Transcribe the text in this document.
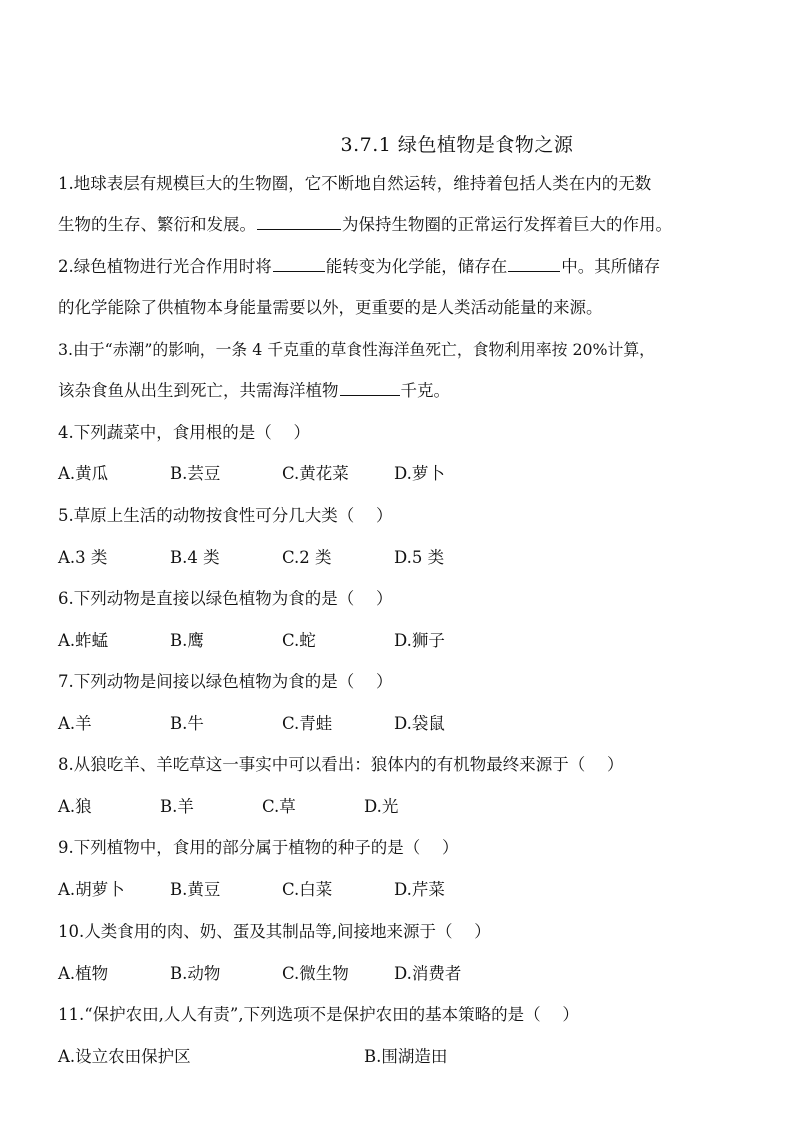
3.7.1 绿色植物是食物之源
1.地球表层有规模巨大的生物圈，它不断地自然运转，维持着包括人类在内的无数
生物的生存、繁衍和发展。	为保持生物圈的正常运行发挥着巨大的作用。
2.绿色植物进行光合作用时将	能转变为化学能，储存在	中。其所储存
的化学能除了供植物本身能量需要以外，更重要的是人类活动能量的来源。
3.由于“赤潮”的影响，一条 4 千克重的草食性海洋鱼死亡，食物利用率按 20%计算，
该杂食鱼从出生到死亡，共需海洋植物	千克。
4.下列蔬菜中，食用根的是（　 ）
A.黄瓜	B.芸豆	C.黄花菜	D.萝卜
5.草原上生活的动物按食性可分几大类（　 ）
A.3 类	B.4 类	C.2 类	D.5 类
6.下列动物是直接以绿色植物为食的是（　 ）
A.蚱蜢	B.鹰	C.蛇	D.狮子
7.下列动物是间接以绿色植物为食的是（　 ）
A.羊	B.牛	C.青蛙	D.袋鼠
8.从狼吃羊、羊吃草这一事实中可以看出：狼体内的有机物最终来源于（　 ）
A.狼	B.羊	C.草	D.光
9.下列植物中，食用的部分属于植物的种子的是（　 ）
A.胡萝卜	B.黄豆	C.白菜	D.芹菜
10.人类食用的肉、奶、蛋及其制品等,间接地来源于（　 ）
A.植物	B.动物	C.微生物	D.消费者
11.“保护农田,人人有责”,下列选项不是保护农田的基本策略的是（　 ）
A.设立农田保护区	B.围湖造田
